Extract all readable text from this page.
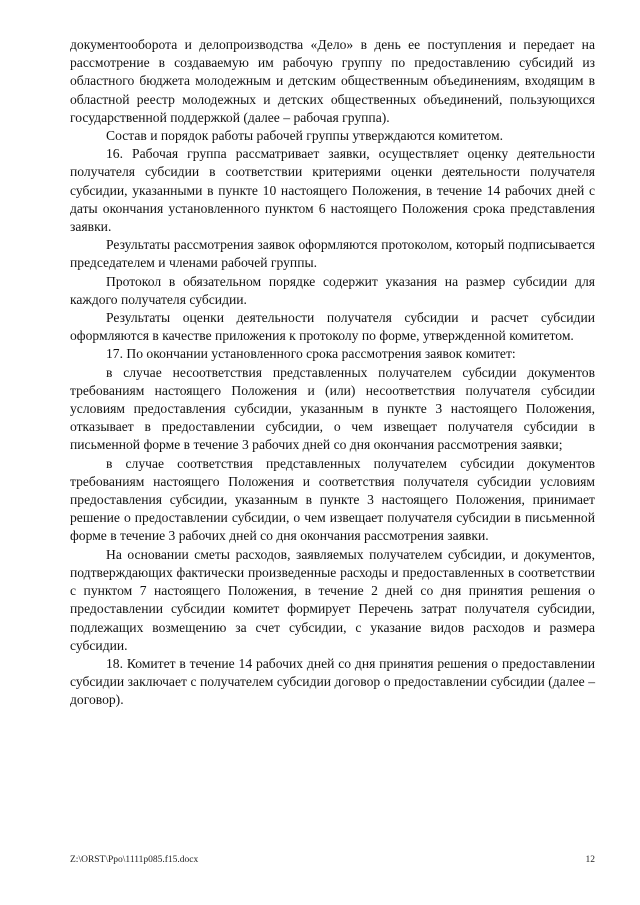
документооборота и делопроизводства «Дело» в день ее поступления и передает на рассмотрение в создаваемую им рабочую группу по предоставлению субсидий из областного бюджета молодежным и детским общественным объединениям, входящим в областной реестр молодежных и детских общественных объединений, пользующихся государственной поддержкой (далее – рабочая группа).

Состав и порядок работы рабочей группы утверждаются комитетом.

16. Рабочая группа рассматривает заявки, осуществляет оценку деятельности получателя субсидии в соответствии критериями оценки деятельности получателя субсидии, указанными в пункте 10 настоящего Положения, в течение 14 рабочих дней с даты окончания установленного пунктом 6 настоящего Положения срока представления заявки.

Результаты рассмотрения заявок оформляются протоколом, который подписывается председателем и членами рабочей группы.

Протокол в обязательном порядке содержит указания на размер субсидии для каждого получателя субсидии.

Результаты оценки деятельности получателя субсидии и расчет субсидии оформляются в качестве приложения к протоколу по форме, утвержденной комитетом.

17. По окончании установленного срока рассмотрения заявок комитет:

в случае несоответствия представленных получателем субсидии документов требованиям настоящего Положения и (или) несоответствия получателя субсидии условиям предоставления субсидии, указанным в пункте 3 настоящего Положения, отказывает в предоставлении субсидии, о чем извещает получателя субсидии в письменной форме в течение 3 рабочих дней со дня окончания рассмотрения заявки;

в случае соответствия представленных получателем субсидии документов требованиям настоящего Положения и соответствия получателя субсидии условиям предоставления субсидии, указанным в пункте 3 настоящего Положения, принимает решение о предоставлении субсидии, о чем извещает получателя субсидии в письменной форме в течение 3 рабочих дней со дня окончания рассмотрения заявки.

На основании сметы расходов, заявляемых получателем субсидии, и документов, подтверждающих фактически произведенные расходы и предоставленных в соответствии с пунктом 7 настоящего Положения, в течение 2 дней со дня принятия решения о предоставлении субсидии комитет формирует Перечень затрат получателя субсидии, подлежащих возмещению за счет субсидии, с указание видов расходов и размера субсидии.

18. Комитет в течение 14 рабочих дней со дня принятия решения о предоставлении субсидии заключает с получателем субсидии договор о предоставлении субсидии (далее – договор).

Z:\ORST\Ppo\1111p085.f15.docx	12
